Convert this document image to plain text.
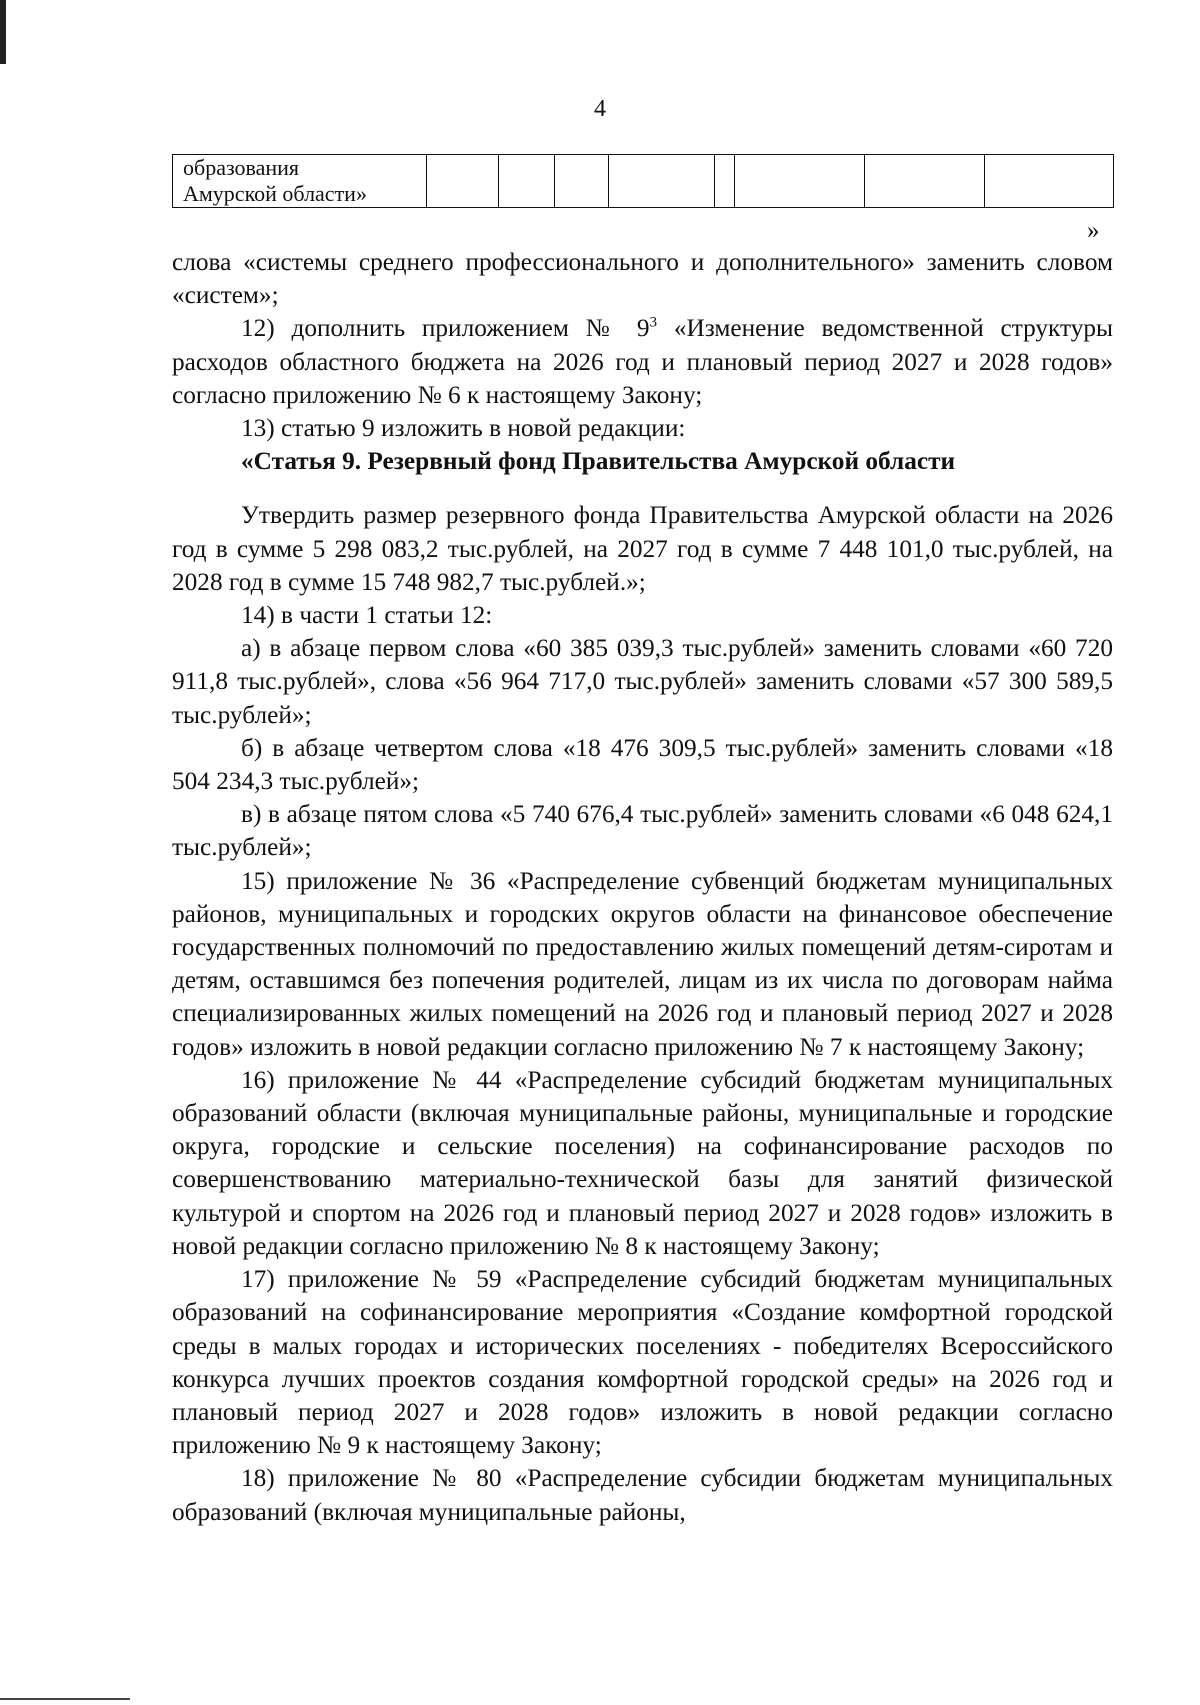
4
образования
Амурской области»								
»

слова «системы среднего профессионального и дополнительного» заменить словом «систем»;

12) дополнить приложением № $9^3$ «Изменение ведомственной структуры расходов областного бюджета на 2026 год и плановый период 2027 и 2028 годов» согласно приложению № 6 к настоящему Закону;

13) статью 9 изложить в новой редакции:

«Статья 9. Резервный фонд Правительства Амурской области

Утвердить размер резервного фонда Правительства Амурской области на 2026 год в сумме 5 298 083,2 тыс.рублей, на 2027 год в сумме 7 448 101,0 тыс.рублей, на 2028 год в сумме 15 748 982,7 тыс.рублей.»;

14) в части 1 статьи 12:

а) в абзаце первом слова «60 385 039,3 тыс.рублей» заменить словами «60 720 911,8 тыс.рублей», слова «56 964 717,0 тыс.рублей» заменить словами «57 300 589,5 тыс.рублей»;

б) в абзаце четвертом слова «18 476 309,5 тыс.рублей» заменить словами «18 504 234,3 тыс.рублей»;

в) в абзаце пятом слова «5 740 676,4 тыс.рублей» заменить словами «6 048 624,1 тыс.рублей»;

15) приложение № 36 «Распределение субвенций бюджетам муниципальных районов, муниципальных и городских округов области на финансовое обеспечение государственных полномочий по предоставлению жилых помещений детям-сиротам и детям, оставшимся без попечения родителей, лицам из их числа по договорам найма специализированных жилых помещений на 2026 год и плановый период 2027 и 2028 годов» изложить в новой редакции согласно приложению № 7 к настоящему Закону;

16) приложение № 44 «Распределение субсидий бюджетам муниципальных образований области (включая муниципальные районы, муниципальные и городские округа, городские и сельские поселения) на софинансирование расходов по совершенствованию материально-технической базы для занятий физической культурой и спортом на 2026 год и плановый период 2027 и 2028 годов» изложить в новой редакции согласно приложению № 8 к настоящему Закону;

17) приложение № 59 «Распределение субсидий бюджетам муниципальных образований на софинансирование мероприятия «Создание комфортной городской среды в малых городах и исторических поселениях - победителях Всероссийского конкурса лучших проектов создания комфортной городской среды» на 2026 год и плановый период 2027 и 2028 годов» изложить в новой редакции согласно приложению № 9 к настоящему Закону;

18) приложение № 80 «Распределение субсидии бюджетам муниципальных образований (включая муниципальные районы,
